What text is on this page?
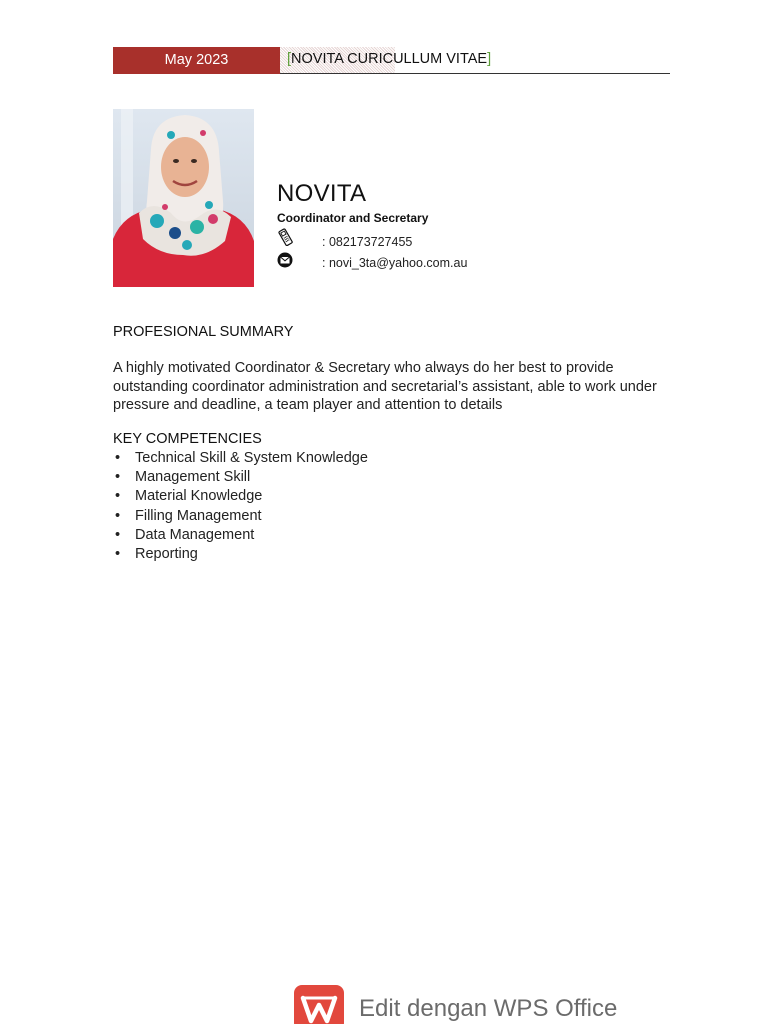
May 2023	[NOVITA CURICULLUM VITAE]
NOVITA
Coordinator and Secretary
: 082173727455
: novi_3ta@yahoo.com.au
PROFESIONAL SUMMARY

A highly motivated Coordinator & Secretary who always do her best to provide outstanding coordinator administration and secretarial’s assistant, able to work under pressure and deadline, a team player and attention to details

KEY COMPETENCIES
• Technical Skill & System Knowledge
• Management Skill
• Material Knowledge
• Filling Management
• Data Management
• Reporting
Edit dengan WPS Office
